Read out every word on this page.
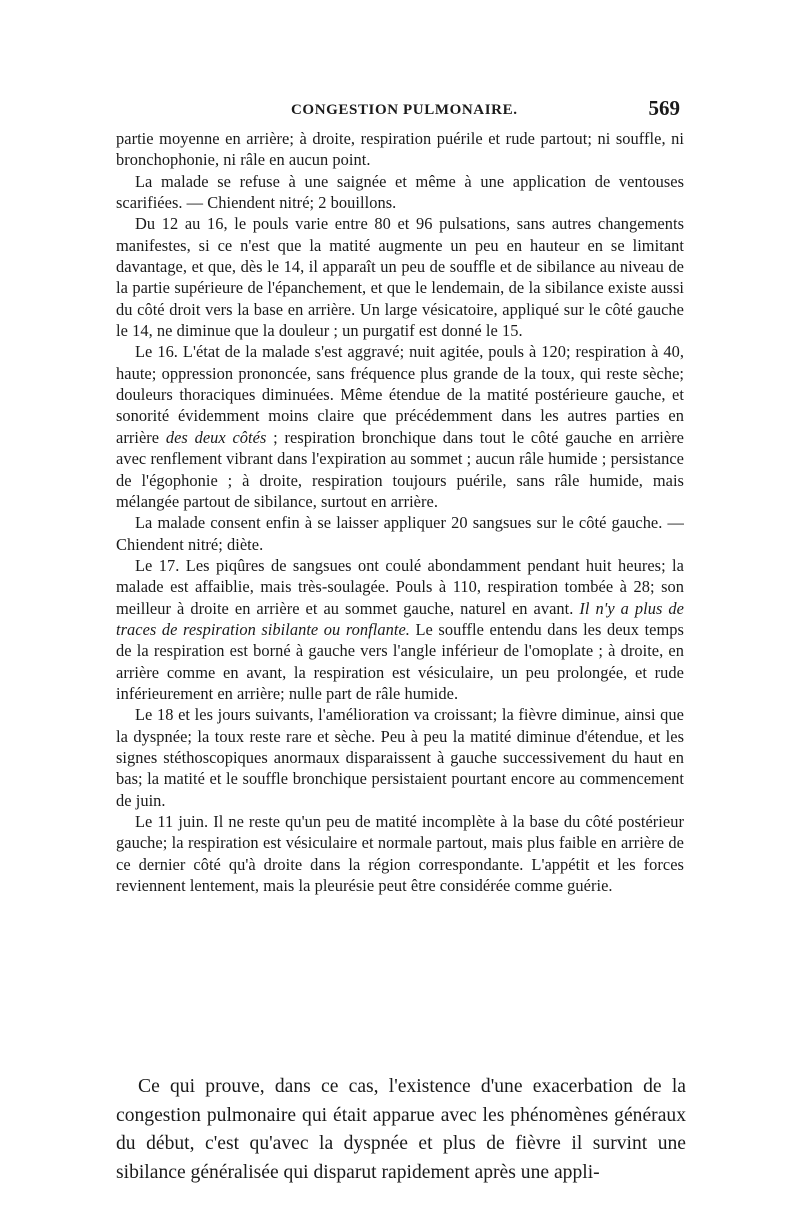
CONGESTION PULMONAIRE.	569

partie moyenne en arrière; à droite, respiration puérile et rude partout; ni souffle, ni bronchophonie, ni râle en aucun point.

La malade se refuse à une saignée et même à une application de ventouses scarifiées. — Chiendent nitré; 2 bouillons.

Du 12 au 16, le pouls varie entre 80 et 96 pulsations, sans autres changements manifestes, si ce n'est que la matité augmente un peu en hauteur en se limitant davantage, et que, dès le 14, il apparaît un peu de souffle et de sibilance au niveau de la partie supérieure de l'épanchement, et que le lendemain, de la sibilance existe aussi du côté droit vers la base en arrière. Un large vésicatoire, appliqué sur le côté gauche le 14, ne diminue que la douleur ; un purgatif est donné le 15.

Le 16. L'état de la malade s'est aggravé; nuit agitée, pouls à 120; respiration à 40, haute; oppression prononcée, sans fréquence plus grande de la toux, qui reste sèche; douleurs thoraciques diminuées. Même étendue de la matité postérieure gauche, et sonorité évidemment moins claire que précédemment dans les autres parties en arrière des deux côtés ; respiration bronchique dans tout le côté gauche en arrière avec renflement vibrant dans l'expiration au sommet ; aucun râle humide ; persistance de l'égophonie ; à droite, respiration toujours puérile, sans râle humide, mais mélangée partout de sibilance, surtout en arrière.

La malade consent enfin à se laisser appliquer 20 sangsues sur le côté gauche. — Chiendent nitré; diète.

Le 17. Les piqûres de sangsues ont coulé abondamment pendant huit heures; la malade est affaiblie, mais très-soulagée. Pouls à 110, respiration tombée à 28; son meilleur à droite en arrière et au sommet gauche, naturel en avant. Il n'y a plus de traces de respiration sibilante ou ronflante. Le souffle entendu dans les deux temps de la respiration est borné à gauche vers l'angle inférieur de l'omoplate ; à droite, en arrière comme en avant, la respiration est vésiculaire, un peu prolongée, et rude inférieurement en arrière; nulle part de râle humide.

Le 18 et les jours suivants, l'amélioration va croissant; la fièvre diminue, ainsi que la dyspnée; la toux reste rare et sèche. Peu à peu la matité diminue d'étendue, et les signes stéthoscopiques anormaux disparaissent à gauche successivement du haut en bas; la matité et le souffle bronchique persistaient pourtant encore au commencement de juin.

Le 11 juin. Il ne reste qu'un peu de matité incomplète à la base du côté postérieur gauche; la respiration est vésiculaire et normale partout, mais plus faible en arrière de ce dernier côté qu'à droite dans la région correspondante. L'appétit et les forces reviennent lentement, mais la pleurésie peut être considérée comme guérie.

Ce qui prouve, dans ce cas, l'existence d'une exacerbation de la congestion pulmonaire qui était apparue avec les phénomènes généraux du début, c'est qu'avec la dyspnée et plus de fièvre il survint une sibilance généralisée qui disparut rapidement après une appli-
